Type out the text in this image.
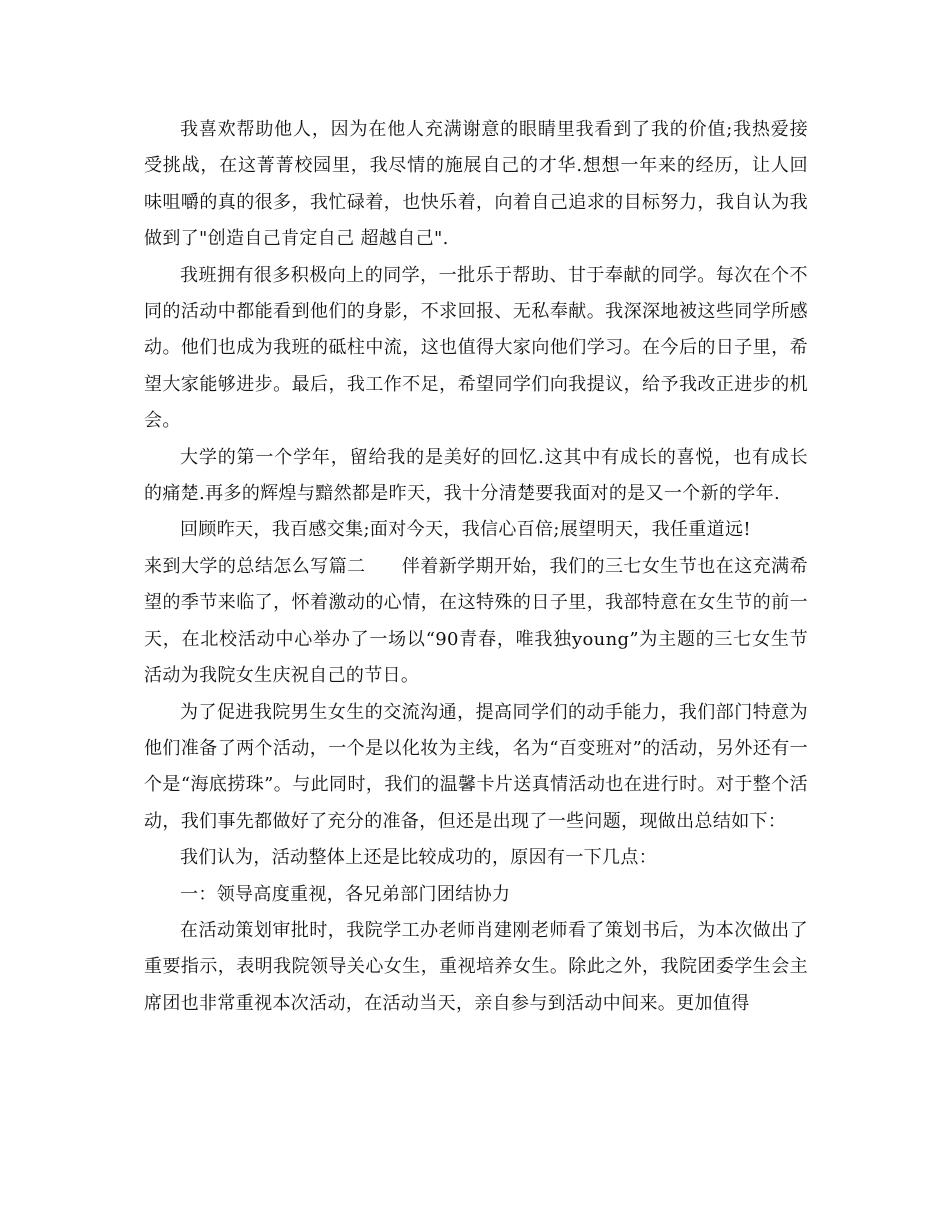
我喜欢帮助他人，因为在他人充满谢意的眼睛里我看到了我的价值;我热爱接受挑战，在这菁菁校园里，我尽情的施展自己的才华.想想一年来的经历，让人回味咀嚼的真的很多，我忙碌着，也快乐着，向着自己追求的目标努力，我自认为我做到了"创造自己肯定自己 超越自己".

我班拥有很多积极向上的同学，一批乐于帮助、甘于奉献的同学。每次在个不同的活动中都能看到他们的身影，不求回报、无私奉献。我深深地被这些同学所感动。他们也成为我班的砥柱中流，这也值得大家向他们学习。在今后的日子里，希望大家能够进步。最后，我工作不足，希望同学们向我提议，给予我改正进步的机会。

大学的第一个学年，留给我的是美好的回忆.这其中有成长的喜悦，也有成长的痛楚.再多的辉煌与黯然都是昨天，我十分清楚要我面对的是又一个新的学年.

回顾昨天，我百感交集;面对今天，我信心百倍;展望明天，我任重道远!

来到大学的总结怎么写篇二 伴着新学期开始，我们的三七女生节也在这充满希望的季节来临了，怀着激动的心情，在这特殊的日子里，我部特意在女生节的前一天，在北校活动中心举办了一场以“90青春，唯我独young”为主题的三七女生节活动为我院女生庆祝自己的节日。

为了促进我院男生女生的交流沟通，提高同学们的动手能力，我们部门特意为他们准备了两个活动，一个是以化妆为主线，名为“百变班对”的活动，另外还有一个是“海底捞珠”。与此同时，我们的温馨卡片送真情活动也在进行时。对于整个活动，我们事先都做好了充分的准备，但还是出现了一些问题，现做出总结如下：

我们认为，活动整体上还是比较成功的，原因有一下几点：

一：领导高度重视，各兄弟部门团结协力

在活动策划审批时，我院学工办老师肖建刚老师看了策划书后，为本次做出了重要指示，表明我院领导关心女生，重视培养女生。除此之外，我院团委学生会主席团也非常重视本次活动，在活动当天，亲自参与到活动中间来。更加值得
